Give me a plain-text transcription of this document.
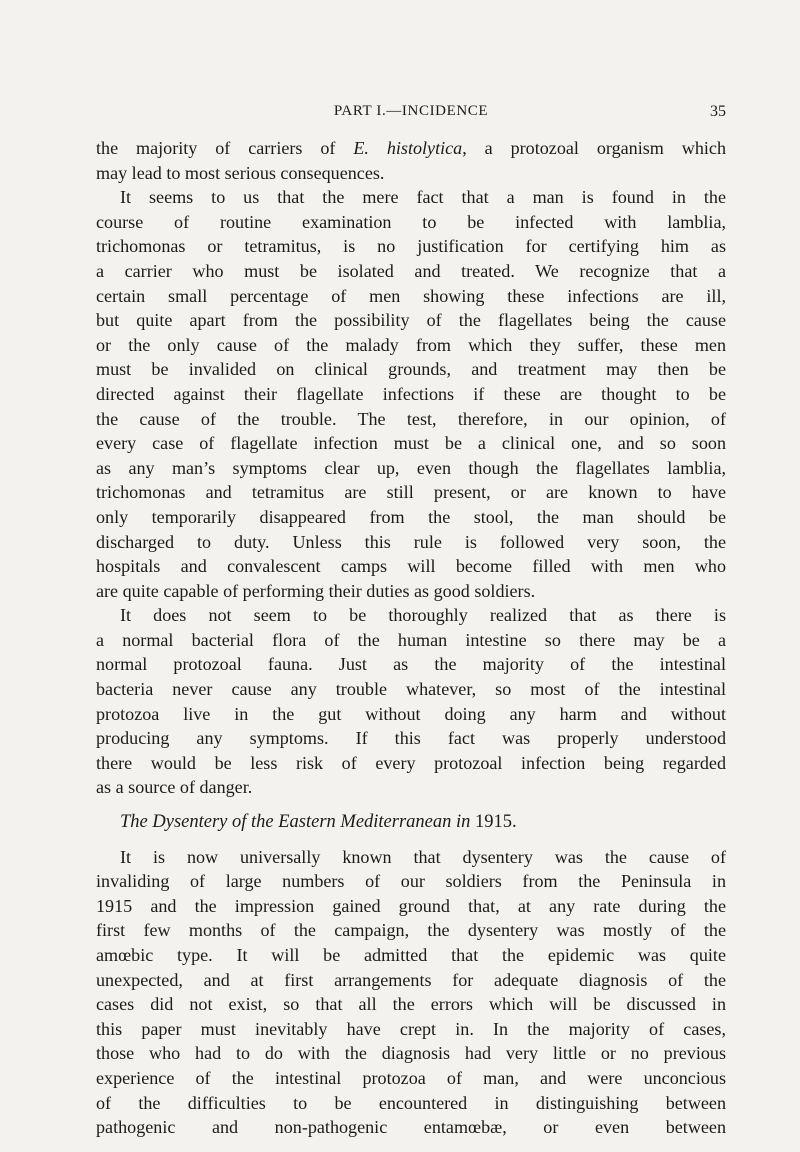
PART I.—INCIDENCE	35

the majority of carriers of E. histolytica, a protozoal organism which

may lead to most serious consequences.

It seems to us that the mere fact that a man is found in the

course of routine examination to be infected with lamblia,

trichomonas or tetramitus, is no justification for certifying him as

a carrier who must be isolated and treated. We recognize that a

certain small percentage of men showing these infections are ill,

but quite apart from the possibility of the flagellates being the cause

or the only cause of the malady from which they suffer, these men

must be invalided on clinical grounds, and treatment may then be

directed against their flagellate infections if these are thought to be

the cause of the trouble. The test, therefore, in our opinion, of

every case of flagellate infection must be a clinical one, and so soon

as any man’s symptoms clear up, even though the flagellates lamblia,

trichomonas and tetramitus are still present, or are known to have

only temporarily disappeared from the stool, the man should be

discharged to duty. Unless this rule is followed very soon, the

hospitals and convalescent camps will become filled with men who

are quite capable of performing their duties as good soldiers.

It does not seem to be thoroughly realized that as there is

a normal bacterial flora of the human intestine so there may be a

normal protozoal fauna. Just as the majority of the intestinal

bacteria never cause any trouble whatever, so most of the intestinal

protozoa live in the gut without doing any harm and without

producing any symptoms. If this fact was properly understood

there would be less risk of every protozoal infection being regarded

as a source of danger.

The Dysentery of the Eastern Mediterranean in 1915.

It is now universally known that dysentery was the cause of

invaliding of large numbers of our soldiers from the Peninsula in

1915 and the impression gained ground that, at any rate during the

first few months of the campaign, the dysentery was mostly of the

amœbic type. It will be admitted that the epidemic was quite

unexpected, and at first arrangements for adequate diagnosis of the

cases did not exist, so that all the errors which will be discussed in

this paper must inevitably have crept in. In the majority of cases,

those who had to do with the diagnosis had very little or no previous

experience of the intestinal protozoa of man, and were unconcious

of the difficulties to be encountered in distinguishing between

pathogenic and non-pathogenic entamœbæ, or even between
